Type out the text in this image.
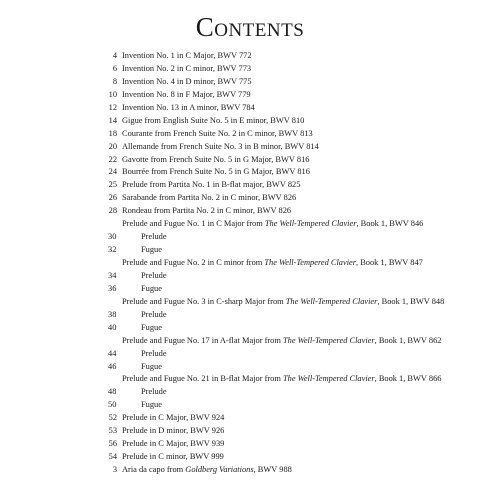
Contents
4 Invention No. 1 in C Major, BWV 772
6 Invention No. 2 in C minor, BWV 773
8 Invention No. 4 in D minor, BWV 775
10 Invention No. 8 in F Major, BWV 779
12 Invention No. 13 in A minor, BWV 784
14 Gigue from English Suite No. 5 in E minor, BWV 810
18 Courante from French Suite No. 2 in C minor, BWV 813
20 Allemande from French Suite No. 3 in B minor, BWV 814
22 Gavotte from French Suite No. 5 in G Major, BWV 816
24 Bourrée from French Suite No. 5 in G Major, BWV 816
25 Prelude from Partita No. 1 in B-flat major, BWV 825
26 Sarabande from Partita No. 2 in C minor, BWV 826
28 Rondeau from Partita No. 2 in C minor, BWV 826
Prelude and Fugue No. 1 in C Major from The Well-Tempered Clavier, Book 1, BWV 846
30	Prelude
32	Fugue
Prelude and Fugue No. 2 in C minor from The Well-Tempered Clavier, Book 1, BWV 847
34	Prelude
36	Fugue
Prelude and Fugue No. 3 in C-sharp Major from The Well-Tempered Clavier, Book 1, BWV 848
38	Prelude
40	Fugue
Prelude and Fugue No. 17 in A-flat Major from The Well-Tempered Clavier, Book 1, BWV 862
44	Prelude
46	Fugue
Prelude and Fugue No. 21 in B-flat Major from The Well-Tempered Clavier, Book 1, BWV 866
48	Prelude
50	Fugue
52 Prelude in C Major, BWV 924
53 Prelude in D minor, BWV 926
56 Prelude in C Major, BWV 939
54 Prelude in C minor, BWV 999
3 Aria da capo from Goldberg Variations, BWV 988
